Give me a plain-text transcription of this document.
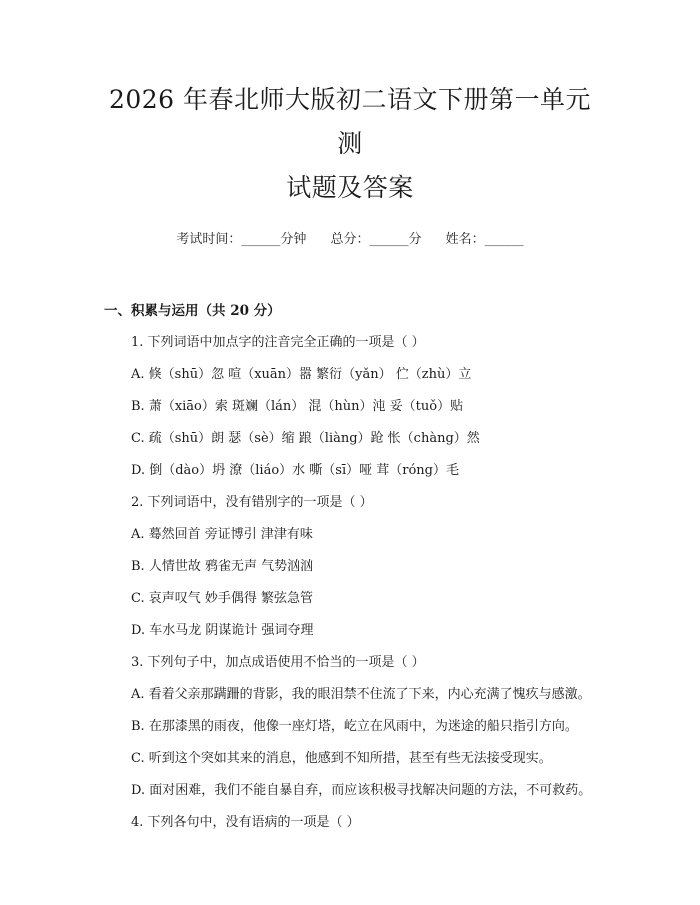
2026 年春北师大版初二语文下册第一单元测
试题及答案
考试时间：______分钟 总分：______分 姓名：______
一、积累与运用（共 20 分）
1. 下列词语中加点字的注音完全正确的一项是（ ）
A. 倏（shū）忽 喧（xuān）嚣 繁衍（yǎn） 伫（zhù）立
B. 萧（xiāo）索 斑斓（lán） 混（hùn）沌 妥（tuǒ）贴
C. 疏（shū）朗 瑟（sè）缩 踉（liàng）跄 怅（chàng）然
D. 倒（dào）坍 潦（liáo）水 嘶（sī）哑 茸（róng）毛
2. 下列词语中，没有错别字的一项是（ ）
A. 蓦然回首 旁证博引 津津有味
B. 人情世故 鸦雀无声 气势汹汹
C. 哀声叹气 妙手偶得 繁弦急管
D. 车水马龙 阴谋诡计 强词夺理
3. 下列句子中，加点成语使用不恰当的一项是（ ）
A. 看着父亲那蹒跚的背影，我的眼泪禁不住流了下来，内心充满了愧疚与感激。
B. 在那漆黑的雨夜，他像一座灯塔，屹立在风雨中，为迷途的船只指引方向。
C. 听到这个突如其来的消息，他感到不知所措，甚至有些无法接受现实。
D. 面对困难，我们不能自暴自弃，而应该积极寻找解决问题的方法，不可救药。
4. 下列各句中，没有语病的一项是（ ）
